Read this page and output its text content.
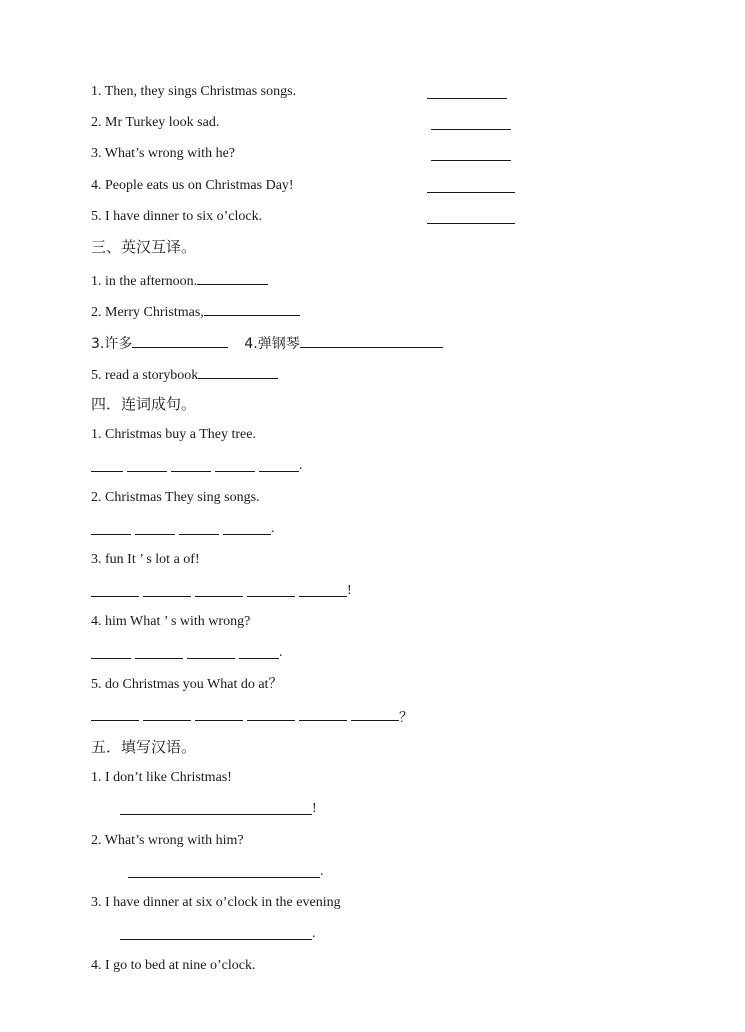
1. Then, they sings Christmas songs.
2. Mr Turkey look sad.
3. What’s wrong with he?
4. People eats us on Christmas Day!
5. I have dinner to six o’clock.
三、英汉互译。
1. in the afternoon.
2. Merry Christmas,
3.许多	4.弹钢琴
5. read a storybook
四．连词成句。
1. Christmas buy a They tree.
.
2. Christmas They sing songs.
.
3. fun It ’ s lot a of!
!
4. him What ’ s with wrong?
.
5. do Christmas you What do at？
？
五．填写汉语。
1. I don’t like Christmas!
!
2. What’s wrong with him?
.
3. I have dinner at six o’clock in the evening
.
4. I go to bed at nine o’clock.
